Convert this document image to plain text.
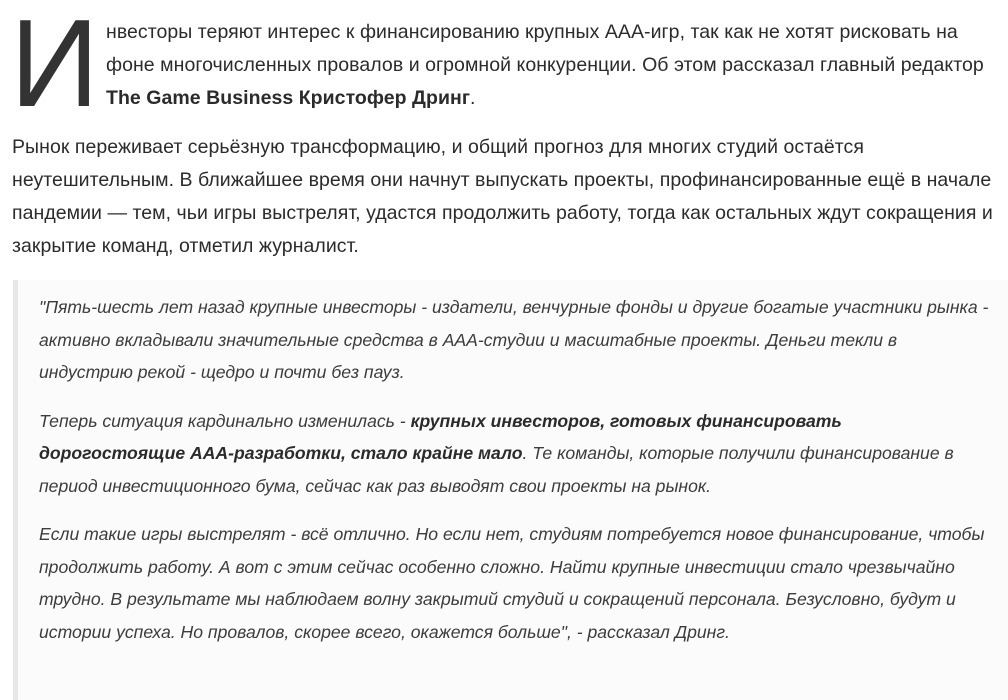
И нвесторы теряют интерес к финансированию крупных AAA-игр, так как не хотят рисковать на фоне многочисленных провалов и огромной конкуренции. Об этом рассказал главный редактор The Game Business Кристофер Дринг.

Рынок переживает серьёзную трансформацию, и общий прогноз для многих студий остаётся неутешительным. В ближайшее время они начнут выпускать проекты, профинансированные ещё в начале пандемии — тем, чьи игры выстрелят, удастся продолжить работу, тогда как остальных ждут сокращения и закрытие команд, отметил журналист.

"Пять-шесть лет назад крупные инвесторы - издатели, венчурные фонды и другие богатые участники рынка - активно вкладывали значительные средства в AAA-студии и масштабные проекты. Деньги текли в индустрию рекой - щедро и почти без пауз.

Теперь ситуация кардинально изменилась - крупных инвесторов, готовых финансировать дорогостоящие AAA-разработки, стало крайне мало. Те команды, которые получили финансирование в период инвестиционного бума, сейчас как раз выводят свои проекты на рынок.

Если такие игры выстрелят - всё отлично. Но если нет, студиям потребуется новое финансирование, чтобы продолжить работу. А вот с этим сейчас особенно сложно. Найти крупные инвестиции стало чрезвычайно трудно. В результате мы наблюдаем волну закрытий студий и сокращений персонала. Безусловно, будут и истории успеха. Но провалов, скорее всего, окажется больше", - рассказал Дринг.
